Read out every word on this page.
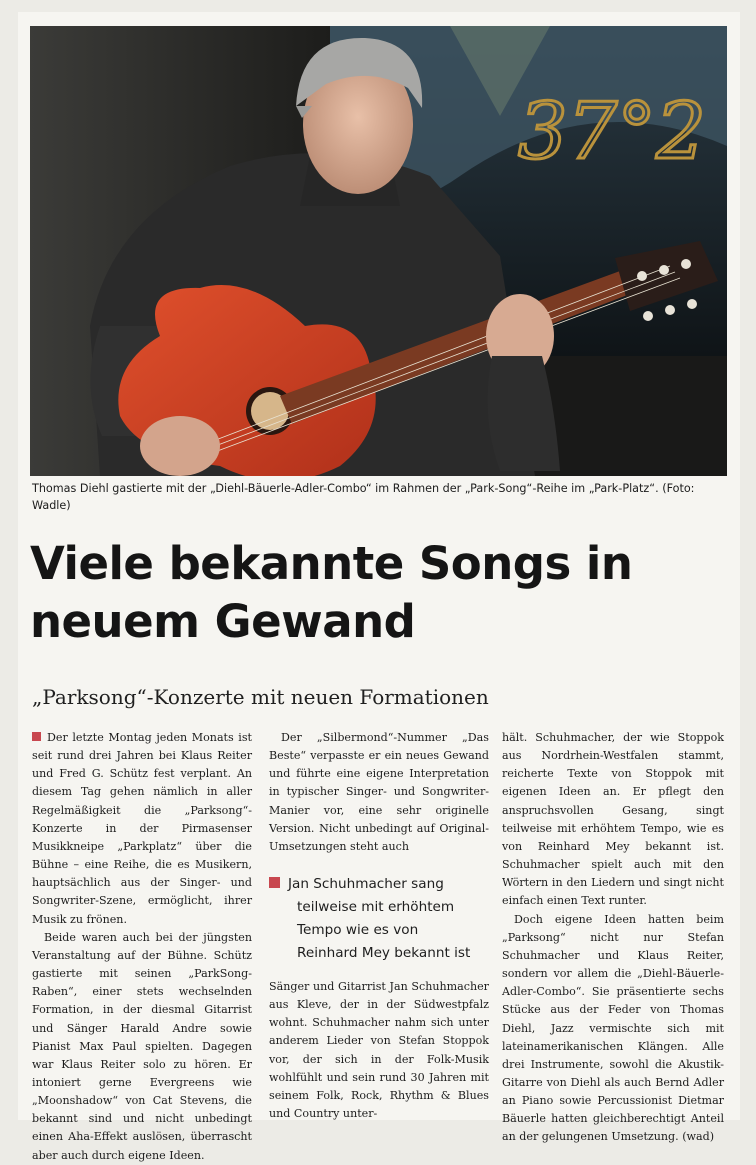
37°2
Thomas Diehl gastierte mit der „Diehl-Bäuerle-Adler-Combo“ im Rahmen der „Park-Song“-Reihe im „Park-Platz“. (Foto: Wadle)
Viele bekannte Songs in neuem Gewand
„Parksong“-Konzerte mit neuen Formationen

Der letzte Montag jeden Monats ist seit rund drei Jahren bei Klaus Reiter und Fred G. Schütz fest verplant. An diesem Tag gehen nämlich in aller Regelmäßigkeit die „Parksong“-Konzerte in der Pirmasenser Musikkneipe „Parkplatz“ über die Bühne – eine Reihe, die es Musikern, hauptsächlich aus der Singer- und Songwriter-Szene, ermöglicht, ihrer Musik zu frönen.

Beide waren auch bei der jüngsten Veranstaltung auf der Bühne. Schütz gastierte mit seinen „ParkSong-Raben“, einer stets wechselnden Formation, in der diesmal Gitarrist und Sänger Harald Andre sowie Pianist Max Paul spielten. Dagegen war Klaus Reiter solo zu hören. Er intoniert gerne Evergreens wie „Moonshadow“ von Cat Stevens, die bekannt sind und nicht unbedingt einen Aha-Effekt auslösen, überrascht aber auch durch eigene Ideen.

Der „Silbermond“-Nummer „Das Beste“ verpasste er ein neues Gewand und führte eine eigene Interpretation in typischer Singer- und Songwriter-Manier vor, eine sehr originelle Version. Nicht unbedingt auf Original-Umsetzungen steht auch

Jan Schuhmacher sang
teilweise mit erhöhtem
Tempo wie es von
Reinhard Mey bekannt ist

Sänger und Gitarrist Jan Schuhmacher aus Kleve, der in der Südwestpfalz wohnt. Schuhmacher nahm sich unter anderem Lieder von Stefan Stoppok vor, der sich in der Folk-Musik wohlfühlt und sein rund 30 Jahren mit seinem Folk, Rock, Rhythm & Blues und Country unter-

hält. Schuhmacher, der wie Stoppok aus Nordrhein-Westfalen stammt, reicherte Texte von Stoppok mit eigenen Ideen an. Er pflegt den anspruchsvollen Gesang, singt teilweise mit erhöhtem Tempo, wie es von Reinhard Mey bekannt ist. Schuhmacher spielt auch mit den Wörtern in den Liedern und singt nicht einfach einen Text runter.

Doch eigene Ideen hatten beim „Parksong“ nicht nur Stefan Schuhmacher und Klaus Reiter, sondern vor allem die „Diehl-Bäuerle-Adler-Combo“. Sie präsentierte sechs Stücke aus der Feder von Thomas Diehl, Jazz vermischte sich mit lateinamerikanischen Klängen. Alle drei Instrumente, sowohl die Akustik-Gitarre von Diehl als auch Bernd Adler an Piano sowie Percussionist Dietmar Bäuerle hatten gleichberechtigt Anteil an der gelungenen Umsetzung. (wad)
